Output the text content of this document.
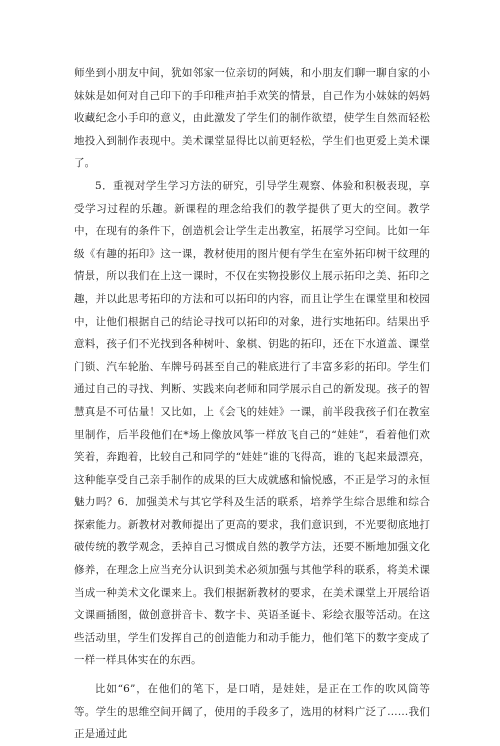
师坐到小朋友中间，犹如邻家一位亲切的阿姨，和小朋友们聊一聊自家的小妹妹是如何对自己印下的手印稚声拍手欢笑的情景，自己作为小妹妹的妈妈收藏纪念小手印的意义，由此激发了学生们的制作欲望，使学生自然而轻松地投入到制作表现中。美术课堂显得比以前更轻松，学生们也更爱上美术课了。

5．重视对学生学习方法的研究，引导学生观察、体验和积极表现，享受学习过程的乐趣。新课程的理念给我们的教学提供了更大的空间。教学中，在现有的条件下，创造机会让学生走出教室，拓展学习空间。比如一年级《有趣的拓印》这一课，教材使用的图片便有学生在室外拓印树干纹理的情景，所以我们在上这一课时，不仅在实物投影仪上展示拓印之美、拓印之趣，并以此思考拓印的方法和可以拓印的内容，而且让学生在课堂里和校园中，让他们根据自己的结论寻找可以拓印的对象，进行实地拓印。结果出乎意料，孩子们不光找到各种树叶、象棋、钥匙的拓印，还在下水道盖、课堂门锁、汽车轮胎、车牌号码甚至自己的鞋底进行了丰富多彩的拓印。学生们通过自己的寻找、判断、实践来向老师和同学展示自己的新发现。孩子的智慧真是不可估量！又比如，上《会飞的娃娃》一课，前半段我孩子们在教室里制作，后半段他们在*场上像放风筝一样放飞自己的“娃娃”，看着他们欢笑着，奔跑着，比较自己和同学的“娃娃”谁的飞得高，谁的飞起来最漂亮，这种能享受自己亲手制作的成果的巨大成就感和愉悦感，不正是学习的永恒魅力吗？6．加强美术与其它学科及生活的联系，培养学生综合思维和综合探索能力。新教材对教师提出了更高的要求，我们意识到，不光要彻底地打破传统的教学观念，丢掉自己习惯成自然的教学方法，还要不断地加强文化修养，在理念上应当充分认识到美术必须加强与其他学科的联系，将美术课当成一种美术文化课来上。我们根据新教材的要求，在美术课堂上开展给语文课画插图，做创意拼音卡、数字卡、英语圣诞卡、彩绘衣服等活动。在这些活动里，学生们发挥自己的创造能力和动手能力，他们笔下的数字变成了一样一样具体实在的东西。

比如“6”，在他们的笔下，是口哨，是娃娃，是正在工作的吹风筒等等。学生的思维空间开阔了，使用的手段多了，选用的材料广泛了……我们正是通过此
